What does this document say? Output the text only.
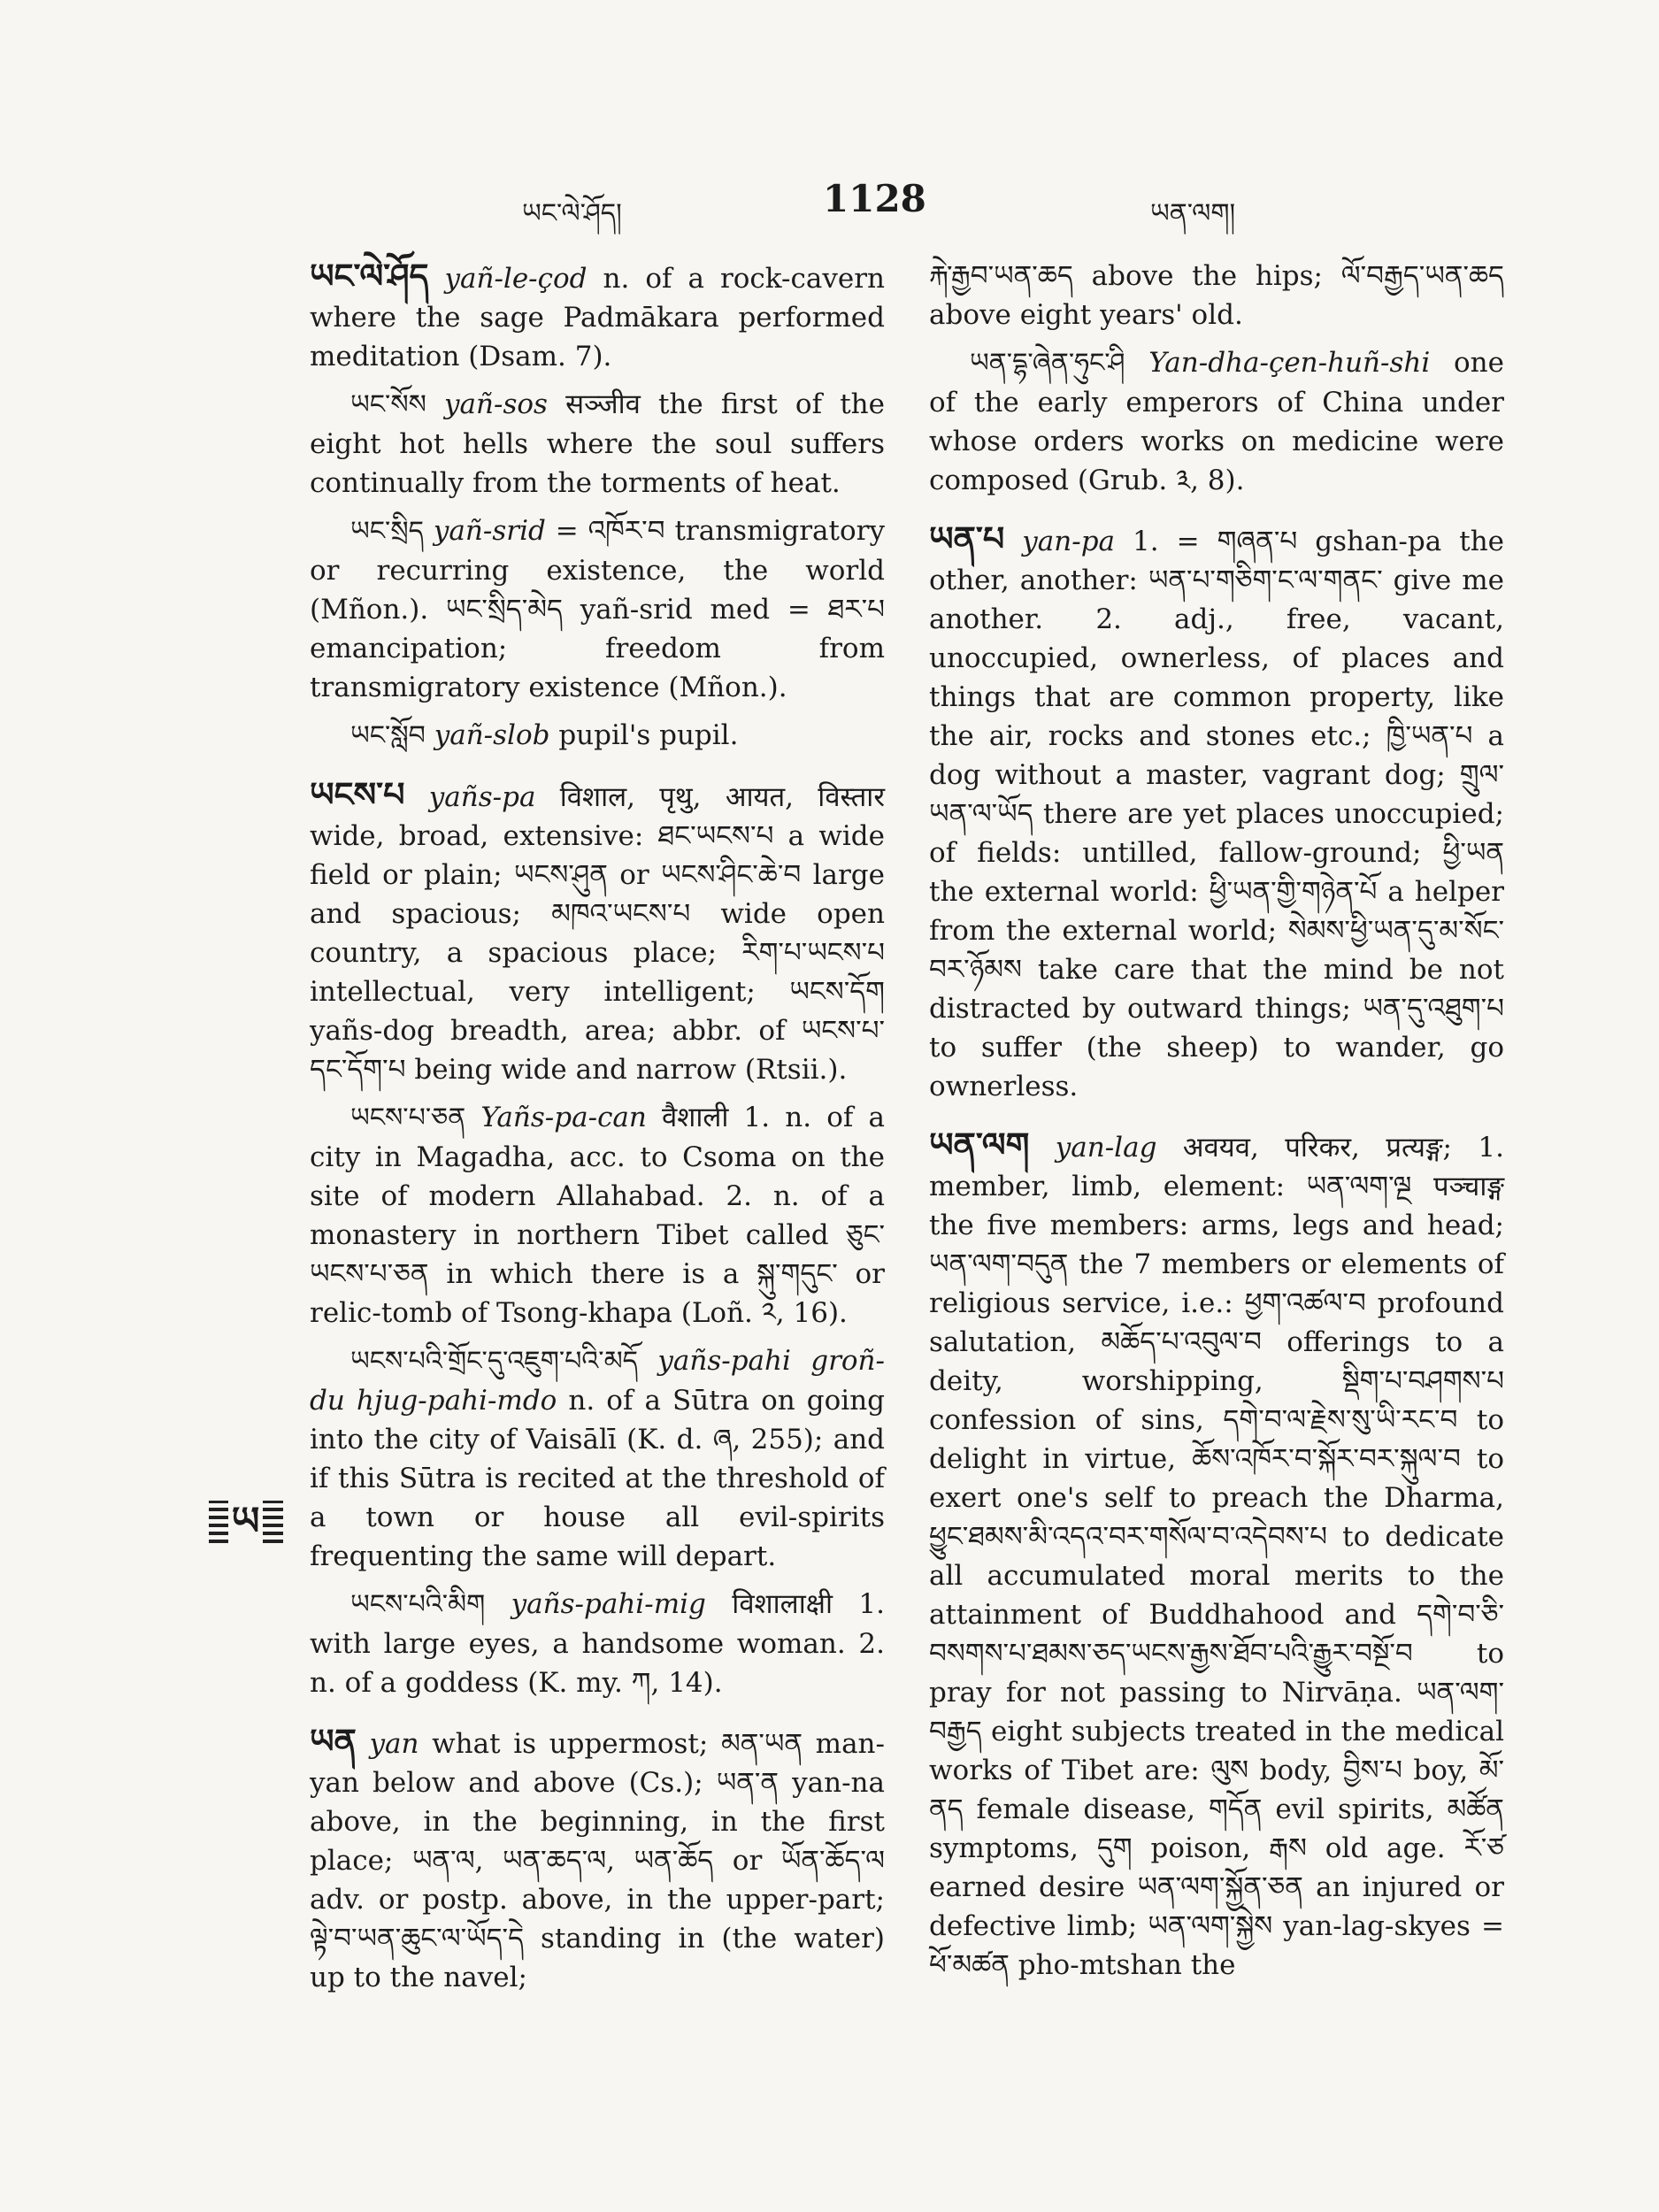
ཡང་ལེ་ཤོད།	1128	ཡན་ལག།
ཡ

ཡང་ལེ་ཤོད yañ-le-çod n. of a rock-cavern where the sage Padmākara performed meditation (Dsam. 7).

ཡང་སོས yañ-sos सञ्जीव the first of the eight hot hells where the soul suffers continually from the torments of heat.

ཡང་སྲིད yañ-srid = འཁོར་བ transmigratory or recurring existence, the world (Mñon.). ཡང་སྲིད་མེད yañ-srid med = ཐར་པ emancipation; freedom from transmigratory existence (Mñon.).

ཡང་སློབ yañ-slob pupil's pupil.

ཡངས་པ yañs-pa विशाल, पृथु, आयत, विस्तार wide, broad, extensive: ཐང་ཡངས་པ a wide field or plain; ཡངས་ཤུན or ཡངས་ཤིང་ཆེ་བ large and spacious; མཁའ་ཡངས་པ wide open country, a spacious place; རིག་པ་ཡངས་པ intellectual, very intelligent; ཡངས་དོག yañs-dog breadth, area; abbr. of ཡངས་པ་དང་དོག་པ being wide and narrow (Rtsii.).

ཡངས་པ་ཅན Yañs-pa-can वैशाली 1. n. of a city in Magadha, acc. to Csoma on the site of modern Allahabad. 2. n. of a monastery in northern Tibet called ཅུང་ཡངས་པ་ཅན in which there is a སྐུ་གདུང་ or relic-tomb of Tsong-khapa (Loñ. ༢, 16).

ཡངས་པའི་གྲོང་དུ་འཇུག་པའི་མདོ yañs-pahi groñ-du hjug-pahi-mdo n. of a Sūtra on going into the city of Vaisālī (K. d. ཞ, 255); and if this Sūtra is recited at the threshold of a town or house all evil-spirits frequenting the same will depart.

ཡངས་པའི་མིག yañs-pahi-mig विशालाक्षी 1. with large eyes, a handsome woman. 2. n. of a goddess (K. my. ཀ, 14).

ཡན yan what is uppermost; མན་ཡན man-yan below and above (Cs.); ཡན་ན yan-na above, in the beginning, in the first place; ཡན་ལ, ཡན་ཆད་ལ, ཡན་ཆོད or ཡོན་ཆོད་ལ adv. or postp. above, in the upper-part; ལྟེ་བ་ཡན་ཆུང་ལ་ཡོད་དེ standing in (the water) up to the navel;

རྐེ་རྒྱབ་ཡན་ཆད above the hips; ལོ་བརྒྱད་ཡན་ཆད above eight years' old.

ཡན་དྷ་ཞེན་ཧུང་ཤི Yan-dha-çen-huñ-shi one of the early emperors of China under whose orders works on medicine were composed (Grub. ༣, 8).

ཡན་པ yan-pa 1. = གཞན་པ gshan-pa the other, another: ཡན་པ་གཅིག་ང་ལ་གནང་ give me another. 2. adj., free, vacant, unoccupied, ownerless, of places and things that are common property, like the air, rocks and stones etc.; ཁྱི་ཡན་པ a dog without a master, vagrant dog; གྲུལ་ཡན་ལ་ཡོད there are yet places unoccupied; of fields: untilled, fallow-ground; ཕྱི་ཡན the external world: ཕྱི་ཡན་གྱི་གཉེན་པོ a helper from the external world; སེམས་ཕྱི་ཡན་དུ་མ་སོང་བར་ཉོམས take care that the mind be not distracted by outward things; ཡན་དུ་འཐུག་པ to suffer (the sheep) to wander, go ownerless.

ཡན་ལག yan-lag अवयव, परिकर, प्रत्यङ्ग; 1. member, limb, element: ཡན་ལག་ལྔ पञ्चाङ्ग the five members: arms, legs and head; ཡན་ལག་བདུན the 7 members or elements of religious service, i.e.: ཕྱག་འཚལ་བ profound salutation, མཆོད་པ་འབུལ་བ offerings to a deity, worshipping, སྡིག་པ་བཤགས་པ confession of sins, དགེ་བ་ལ་རྗེས་སུ་ཡི་རང་བ to delight in virtue, ཆོས་འཁོར་བ་སྐོར་བར་སྐུལ་བ to exert one's self to preach the Dharma, ཕྱུང་ཐམས་མི་འདའ་བར་གསོལ་བ་འདེབས་པ to dedicate all accumulated moral merits to the attainment of Buddhahood and དགེ་བ་ཅི་བསགས་པ་ཐམས་ཅད་ཡངས་རྒྱས་ཐོབ་པའི་རྒྱུར་བསྔོ་བ to pray for not passing to Nirvāṇa. ཡན་ལག་བརྒྱད eight subjects treated in the medical works of Tibet are: ལུས body, བྱིས་པ boy, མོ་ནད female disease, གདོན evil spirits, མཚོན symptoms, དུག poison, རྒས old age. རོ་ཙ earned desire ཡན་ལག་སྐྱོན་ཅན an injured or defective limb; ཡན་ལག་སྐྱེས yan-lag-skyes = ཕོ་མཚན pho-mtshan the
